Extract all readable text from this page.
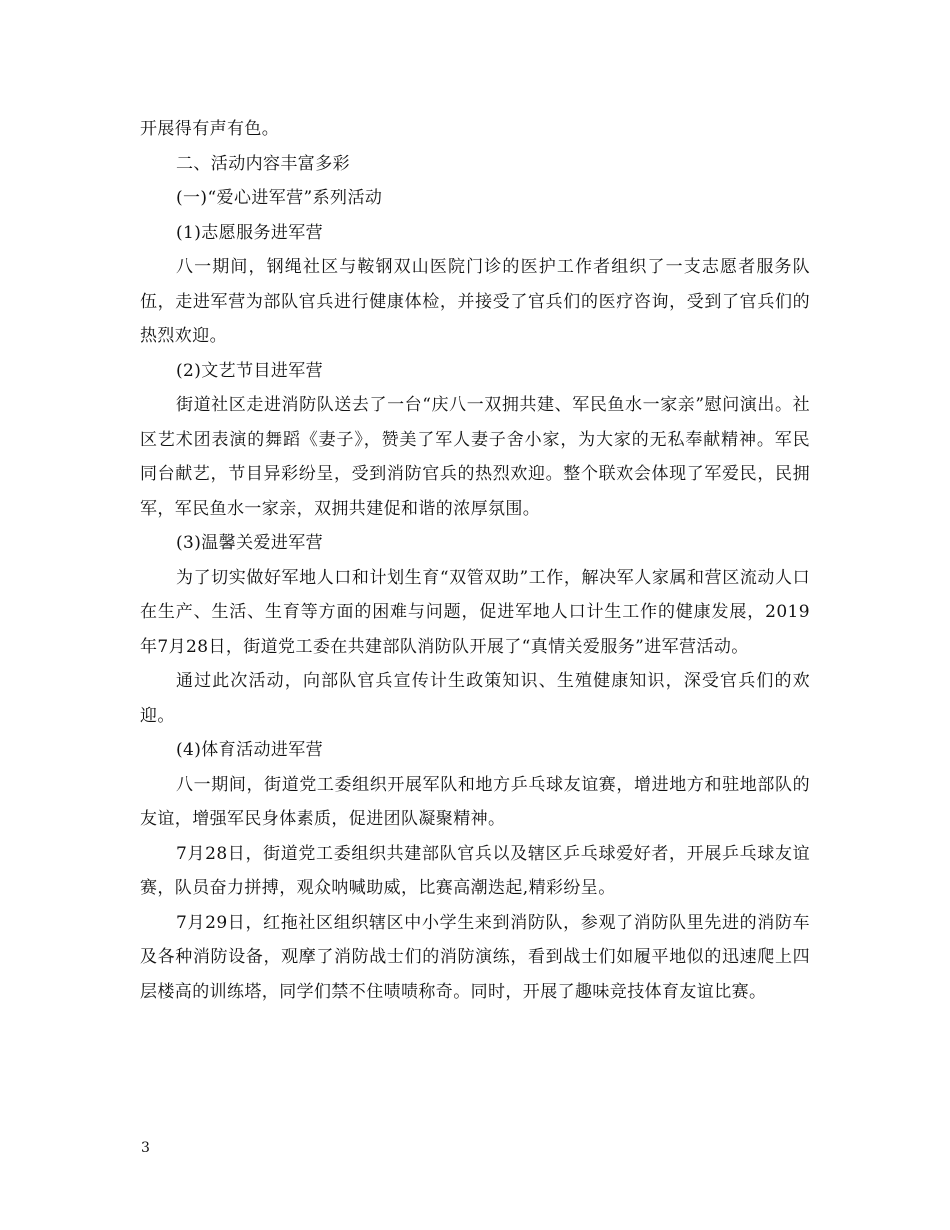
开展得有声有色。

二、活动内容丰富多彩

(一)“爱心进军营”系列活动

(1)志愿服务进军营

八一期间，钢绳社区与鞍钢双山医院门诊的医护工作者组织了一支志愿者服务队伍，走进军营为部队官兵进行健康体检，并接受了官兵们的医疗咨询，受到了官兵们的热烈欢迎。

(2)文艺节目进军营

街道社区走进消防队送去了一台“庆八一双拥共建、军民鱼水一家亲”慰问演出。社区艺术团表演的舞蹈《妻子》，赞美了军人妻子舍小家，为大家的无私奉献精神。军民同台献艺，节目异彩纷呈，受到消防官兵的热烈欢迎。整个联欢会体现了军爱民，民拥军，军民鱼水一家亲，双拥共建促和谐的浓厚氛围。

(3)温馨关爱进军营

为了切实做好军地人口和计划生育“双管双助”工作，解决军人家属和营区流动人口在生产、生活、生育等方面的困难与问题，促进军地人口计生工作的健康发展，2019年7月28日，街道党工委在共建部队消防队开展了“真情关爱服务”进军营活动。

通过此次活动，向部队官兵宣传计生政策知识、生殖健康知识，深受官兵们的欢迎。

(4)体育活动进军营

八一期间，街道党工委组织开展军队和地方乒乓球友谊赛，增进地方和驻地部队的友谊，增强军民身体素质，促进团队凝聚精神。

7月28日，街道党工委组织共建部队官兵以及辖区乒乓球爱好者，开展乒乓球友谊赛，队员奋力拼搏，观众呐喊助威，比赛高潮迭起,精彩纷呈。

7月29日，红拖社区组织辖区中小学生来到消防队，参观了消防队里先进的消防车及各种消防设备，观摩了消防战士们的消防演练，看到战士们如履平地似的迅速爬上四层楼高的训练塔，同学们禁不住啧啧称奇。同时，开展了趣味竞技体育友谊比赛。

3
